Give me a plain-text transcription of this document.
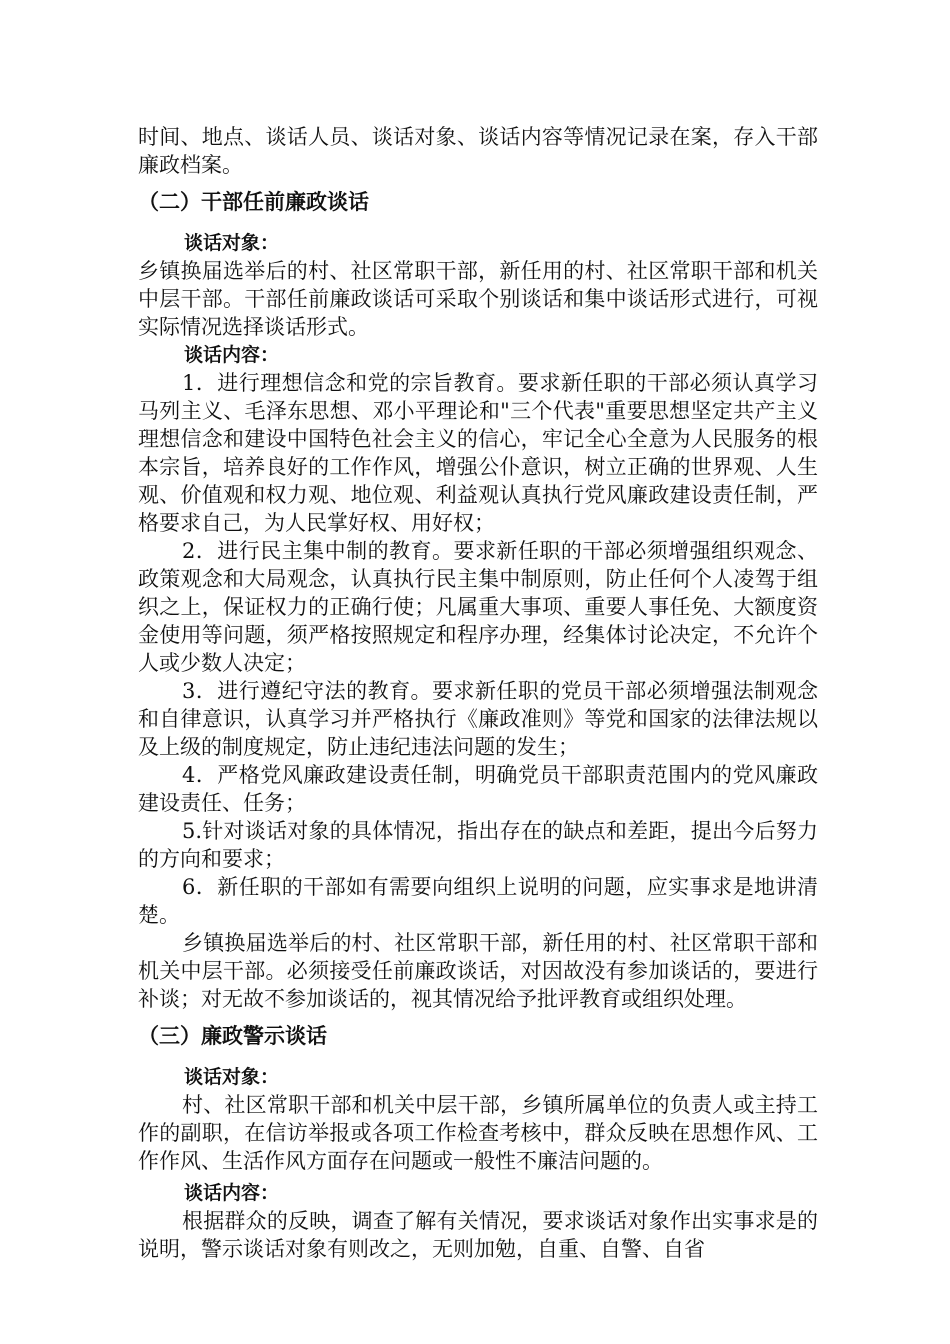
时间、地点、谈话人员、谈话对象、谈话内容等情况记录在案，存入干部廉政档案。

（二）干部任前廉政谈话

谈话对象：

乡镇换届选举后的村、社区常职干部，新任用的村、社区常职干部和机关中层干部。干部任前廉政谈话可采取个别谈话和集中谈话形式进行，可视实际情况选择谈话形式。

谈话内容：

1．进行理想信念和党的宗旨教育。要求新任职的干部必须认真学习马列主义、毛泽东思想、邓小平理论和"三个代表"重要思想坚定共产主义理想信念和建设中国特色社会主义的信心，牢记全心全意为人民服务的根本宗旨，培养良好的工作作风，增强公仆意识，树立正确的世界观、人生观、价值观和权力观、地位观、利益观认真执行党风廉政建设责任制，严格要求自己，为人民掌好权、用好权；

2．进行民主集中制的教育。要求新任职的干部必须增强组织观念、政策观念和大局观念，认真执行民主集中制原则，防止任何个人凌驾于组织之上，保证权力的正确行使；凡属重大事项、重要人事任免、大额度资金使用等问题，须严格按照规定和程序办理，经集体讨论决定，不允许个人或少数人决定；

3．进行遵纪守法的教育。要求新任职的党员干部必须增强法制观念和自律意识，认真学习并严格执行《廉政准则》等党和国家的法律法规以及上级的制度规定，防止违纪违法问题的发生；

4．严格党风廉政建设责任制，明确党员干部职责范围内的党风廉政建设责任、任务；

5.针对谈话对象的具体情况，指出存在的缺点和差距，提出今后努力的方向和要求；

6．新任职的干部如有需要向组织上说明的问题，应实事求是地讲清楚。

乡镇换届选举后的村、社区常职干部，新任用的村、社区常职干部和机关中层干部。必须接受任前廉政谈话，对因故没有参加谈话的，要进行补谈；对无故不参加谈话的，视其情况给予批评教育或组织处理。

（三）廉政警示谈话

谈话对象：

村、社区常职干部和机关中层干部，乡镇所属单位的负责人或主持工作的副职，在信访举报或各项工作检查考核中，群众反映在思想作风、工作作风、生活作风方面存在问题或一般性不廉洁问题的。

谈话内容：

根据群众的反映，调查了解有关情况，要求谈话对象作出实事求是的说明，警示谈话对象有则改之，无则加勉，自重、自警、自省
